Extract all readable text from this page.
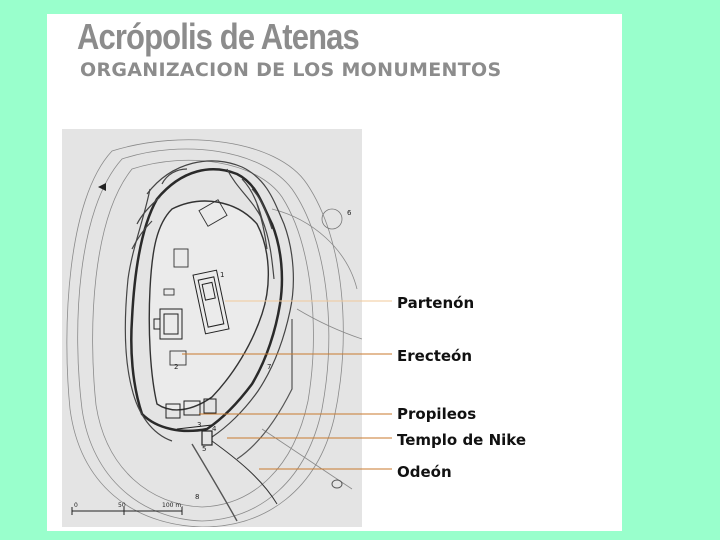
Acrópolis de Atenas
ORGANIZACION DE LOS MONUMENTOS
1
2
3 4
5
6
7
8
0	50	100 m.
Partenón
Erecteón
Propileos
Templo de Nike
Odeón
